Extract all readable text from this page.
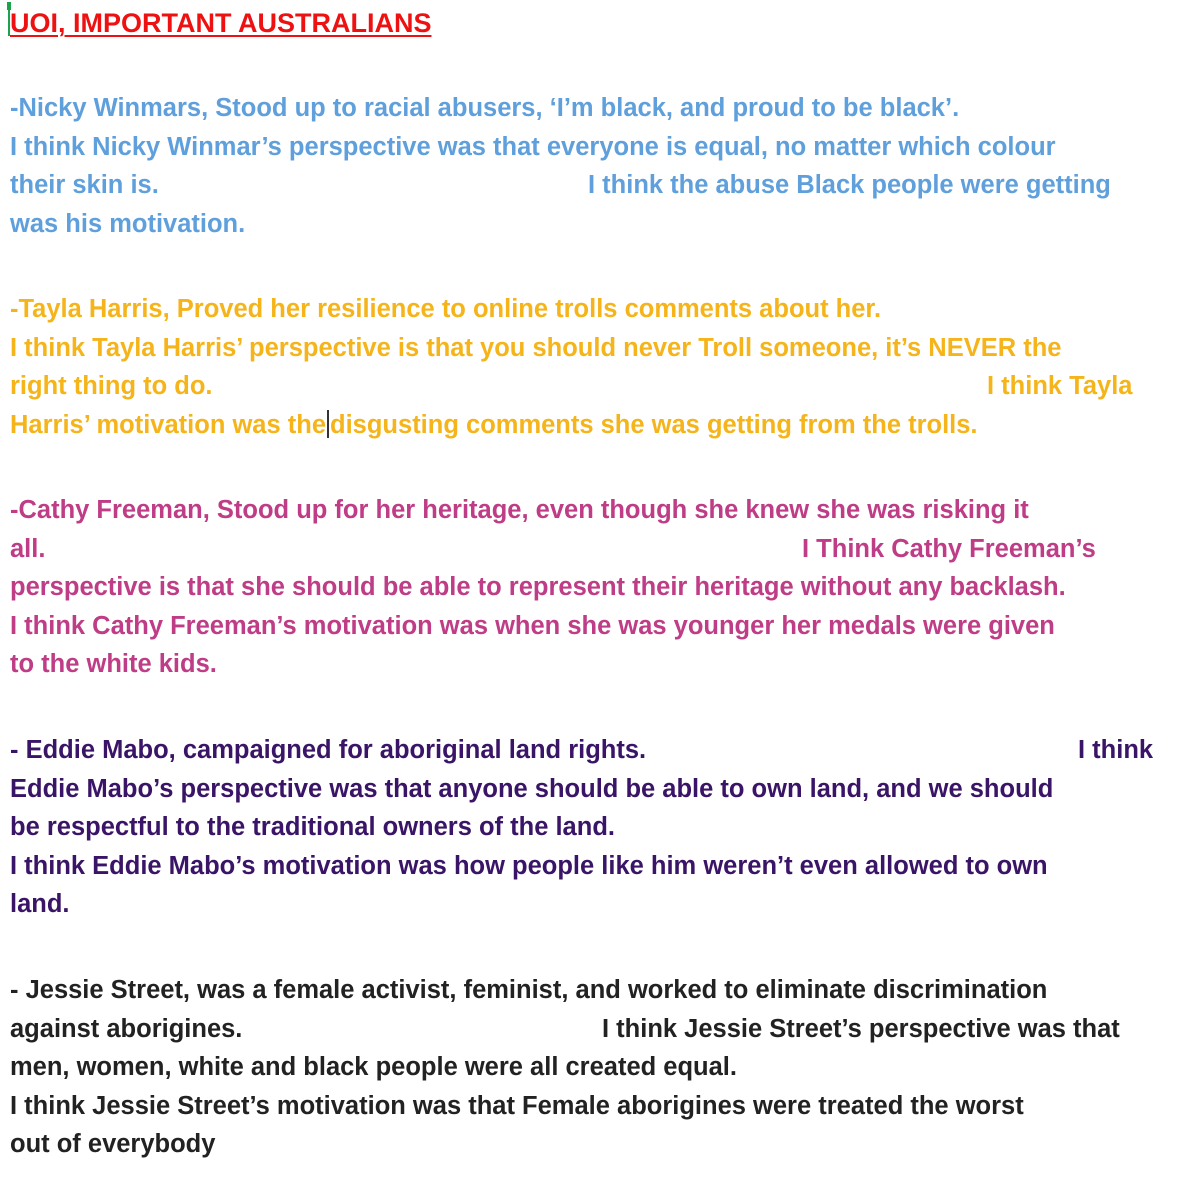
UOI, IMPORTANT AUSTRALIANS
-Nicky Winmars, Stood up to racial abusers, ‘I’m black, and proud to be black’.
I think Nicky Winmar’s perspective was that everyone is equal, no matter which colour
their skin is.	I think the abuse Black people were getting
was his motivation.
-Tayla Harris, Proved her resilience to online trolls comments about her.
I think Tayla Harris’ perspective is that you should never Troll someone, it’s NEVER the
right thing to do.	I think Tayla
Harris’ motivation was the disgusting comments she was getting from the trolls.
-Cathy Freeman, Stood up for her heritage, even though she knew she was risking it
all.	I Think Cathy Freeman’s
perspective is that she should be able to represent their heritage without any backlash.
I think Cathy Freeman’s motivation was when she was younger her medals were given
to the white kids.
- Eddie Mabo, campaigned for aboriginal land rights.	I think
Eddie Mabo’s perspective was that anyone should be able to own land, and we should
be respectful to the traditional owners of the land.
I think Eddie Mabo’s motivation was how people like him weren’t even allowed to own
land.
- Jessie Street, was a female activist, feminist, and worked to eliminate discrimination
against aborigines.	I think Jessie Street’s perspective was that
men, women, white and black people were all created equal.
I think Jessie Street’s motivation was that Female aborigines were treated the worst
out of everybody
